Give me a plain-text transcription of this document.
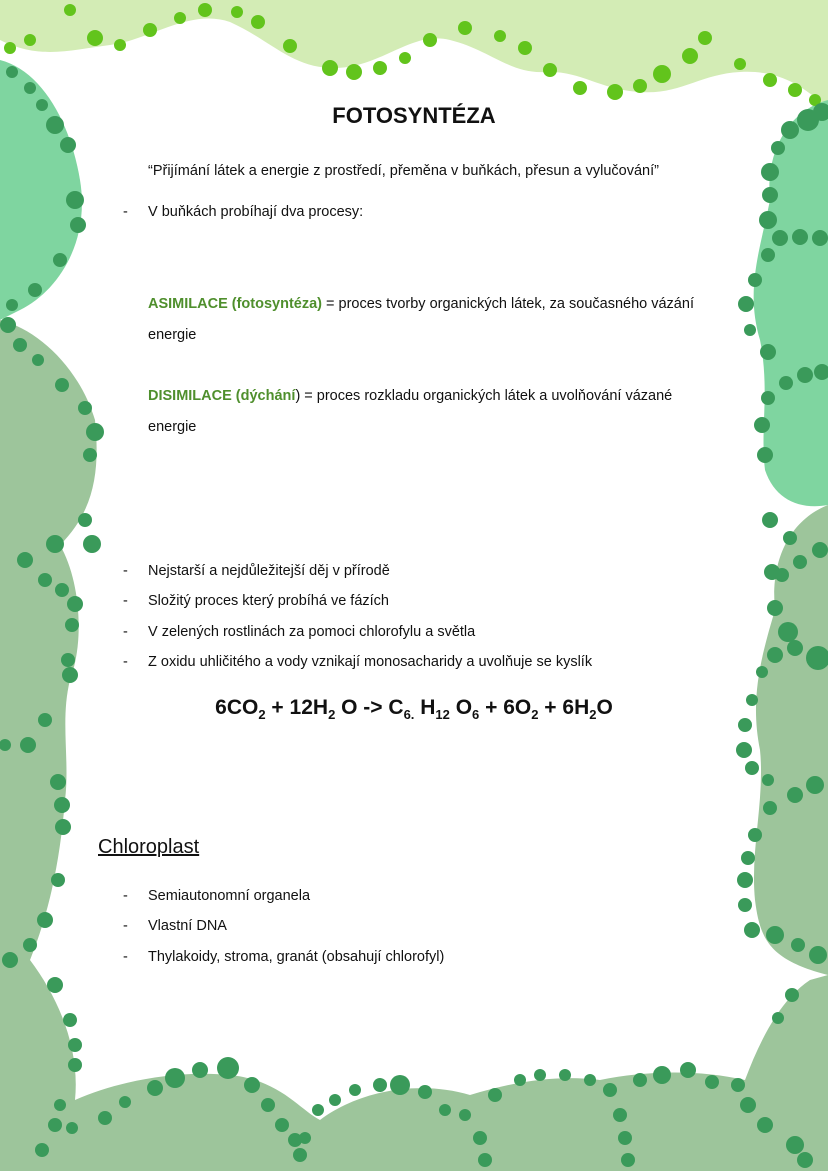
FOTOSYNTÉZA
“Přijímání látek a energie z prostředí, přeměna v buňkách, přesun a vylučování”
- V buňkách probíhají dva procesy:
ASIMILACE (fotosyntéza) = proces tvorby organických látek, za současného vázání
energie
DISIMILACE (dýchání) = proces rozkladu organických látek a uvolňování vázané
energie
- Nejstarší a nejdůležitejší děj v přírodě
- Složitý proces který probíhá ve fázích
- V zelených rostlinách za pomoci chlorofylu a světla
- Z oxidu uhličitého a vody vznikají monosacharidy a uvolňuje se kyslík
$6CO_2 + 12H_2$ $O -> C_{6.}$ $H_{12}$ $O_6 + 6O_2 + 6H_2O$
Chloroplast
- Semiautonomní organela
- Vlastní DNA
- Thylakoidy, stroma, granát (obsahují chlorofyl)
